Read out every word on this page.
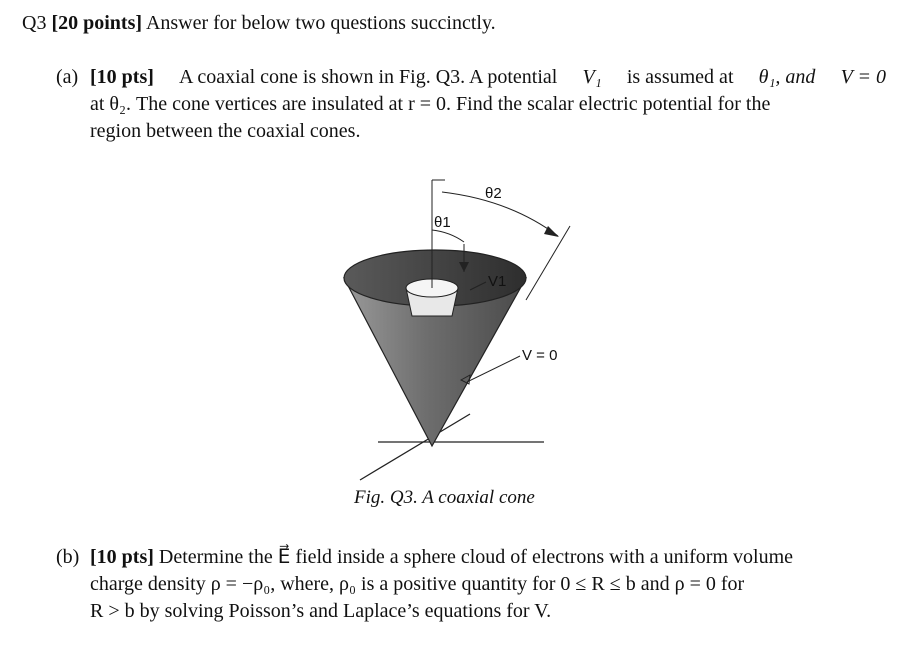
Q3 [20 points] Answer for below two questions succinctly.
(a) [10 pts] A coaxial cone is shown in Fig. Q3. A potential V₁ is assumed at θ₁, and V = 0
at θ₂. The cone vertices are insulated at r = 0. Find the scalar electric potential for the
region between the coaxial cones.
θ1
θ2
V1
V = 0
Fig. Q3. A coaxial cone
(b) [10 pts]
Determine the E⃗ field inside a sphere cloud of electrons with a uniform volume
charge density ρ = −ρ₀, where, ρ₀ is a positive quantity for 0 ≤ R ≤ b and ρ = 0 for
R > b by solving Poisson’s and Laplace’s equations for V.
